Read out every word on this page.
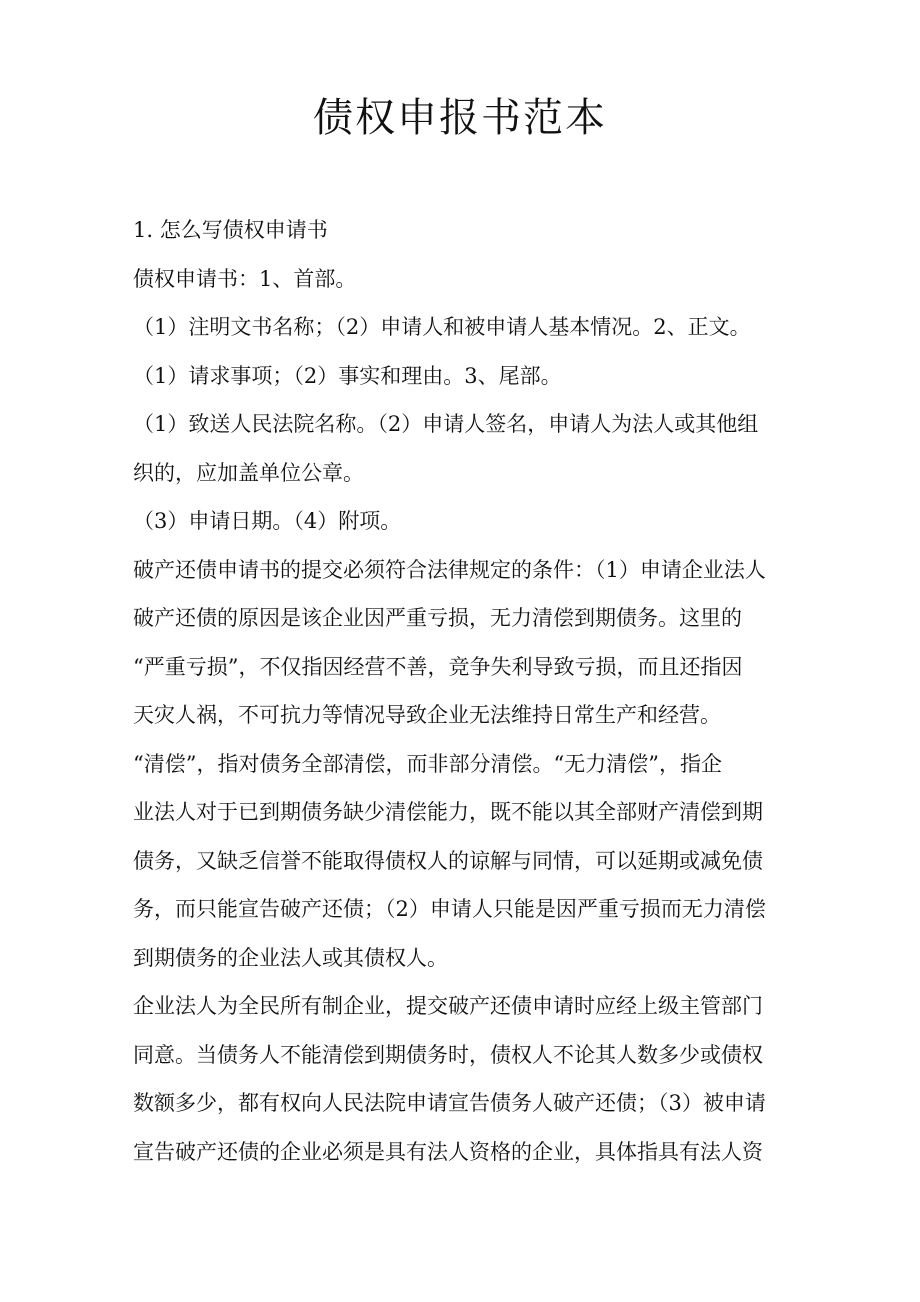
债权申报书范本
1. 怎么写债权申请书
债权申请书：1、首部。
（1）注明文书名称；（2）申请人和被申请人基本情况。2、正文。
（1）请求事项；（2）事实和理由。3、尾部。
（1）致送人民法院名称。（2）申请人签名，申请人为法人或其他组
织的，应加盖单位公章。
（3）申请日期。（4）附项。
破产还债申请书的提交必须符合法律规定的条件：（1）申请企业法人
破产还债的原因是该企业因严重亏损，无力清偿到期债务。这里的
“严重亏损”，不仅指因经营不善，竞争失利导致亏损，而且还指因
天灾人祸，不可抗力等情况导致企业无法维持日常生产和经营。
“清偿”，指对债务全部清偿，而非部分清偿。“无力清偿”，指企
业法人对于已到期债务缺少清偿能力，既不能以其全部财产清偿到期
债务，又缺乏信誉不能取得债权人的谅解与同情，可以延期或减免债
务，而只能宣告破产还债；（2）申请人只能是因严重亏损而无力清偿
到期债务的企业法人或其债权人。
企业法人为全民所有制企业，提交破产还债申请时应经上级主管部门
同意。当债务人不能清偿到期债务时，债权人不论其人数多少或债权
数额多少，都有权向人民法院申请宣告债务人破产还债；（3）被申请
宣告破产还债的企业必须是具有法人资格的企业，具体指具有法人资
